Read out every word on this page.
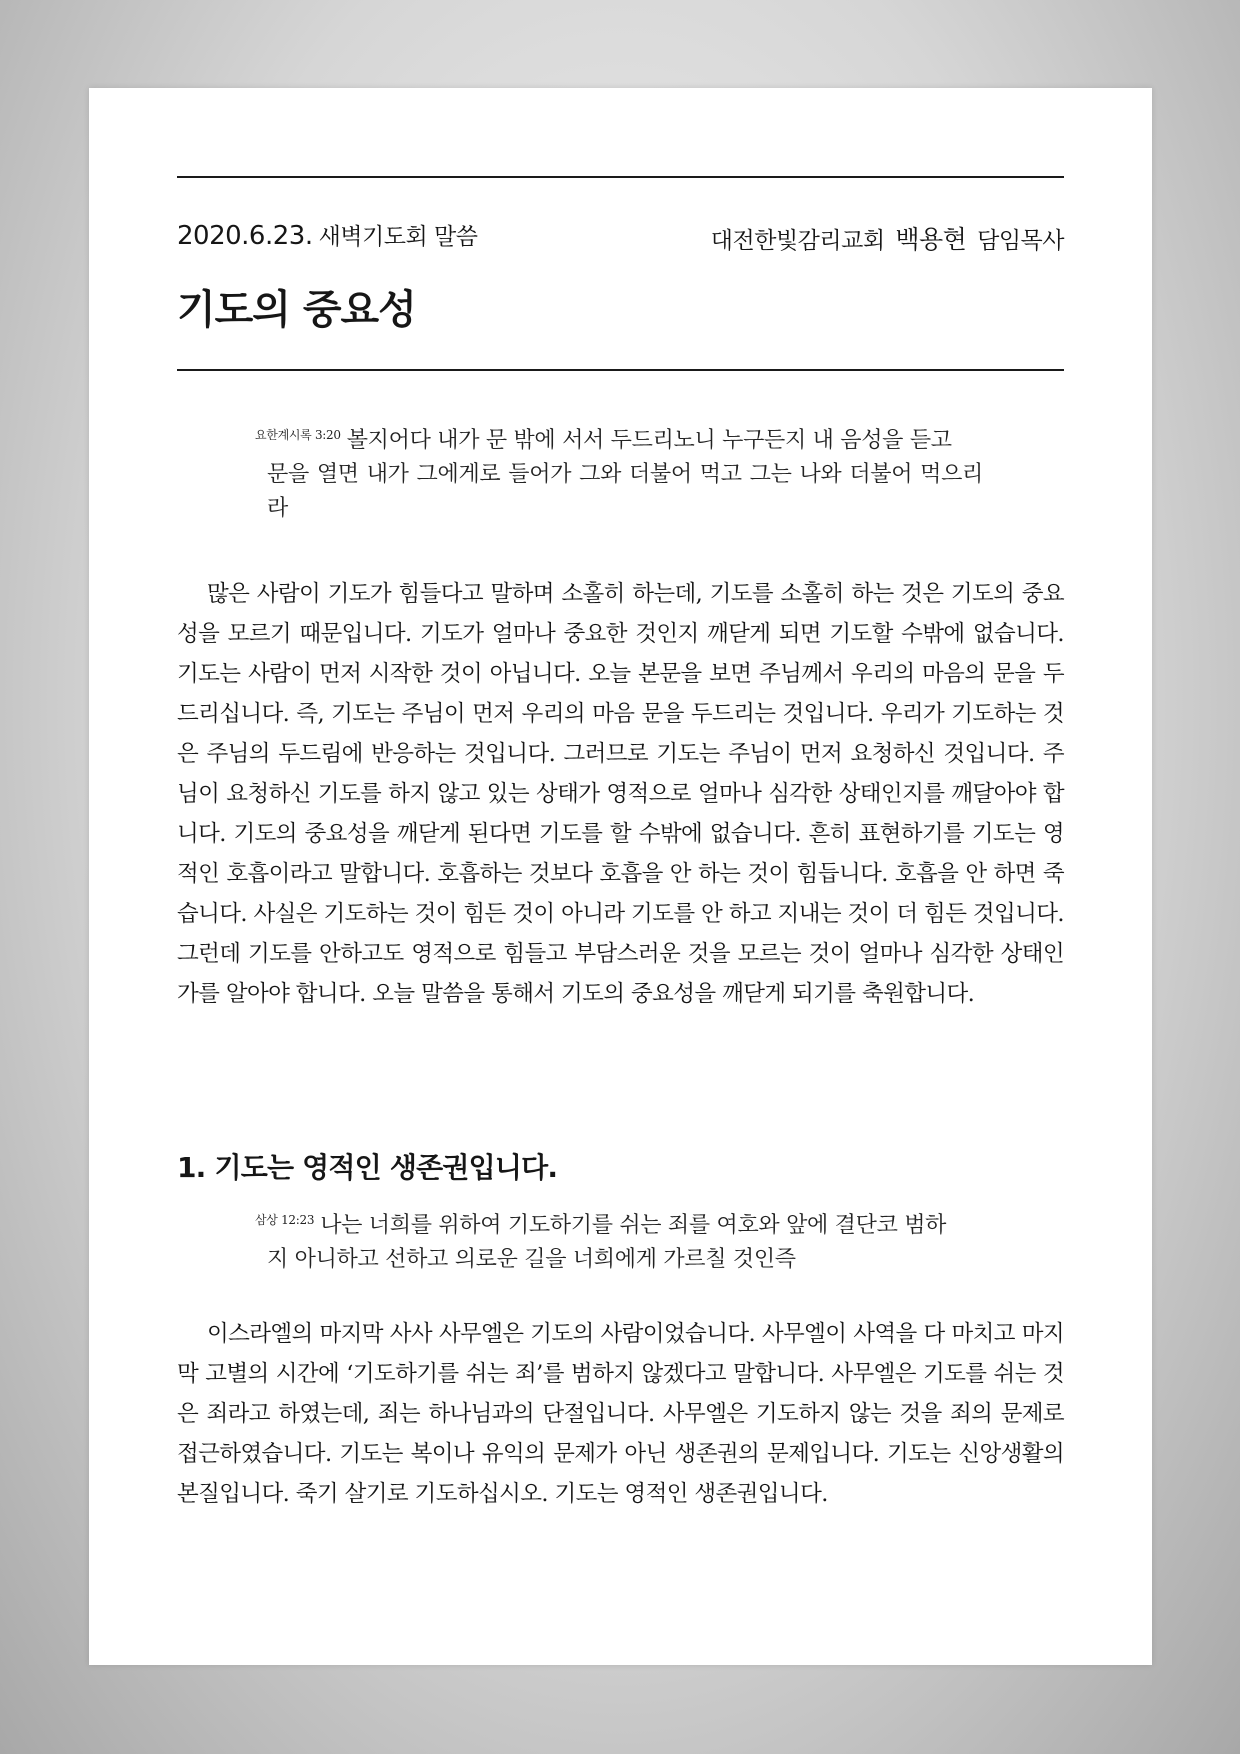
2020.6.23. 새벽기도회 말씀	대전한빛감리교회 백용현 담임목사
기도의 중요성
$^{요한계시록 3:20}$ 볼지어다 내가 문 밖에 서서 두드리노니 누구든지 내 음성을 듣고
문을 열면 내가 그에게로 들어가 그와 더불어 먹고 그는 나와 더불어 먹으리라

많은 사람이 기도가 힘들다고 말하며 소홀히 하는데, 기도를 소홀히 하는 것은 기도의 중요성을 모르기 때문입니다. 기도가 얼마나 중요한 것인지 깨닫게 되면 기도할 수밖에 없습니다. 기도는 사람이 먼저 시작한 것이 아닙니다. 오늘 본문을 보면 주님께서 우리의 마음의 문을 두드리십니다. 즉, 기도는 주님이 먼저 우리의 마음 문을 두드리는 것입니다. 우리가 기도하는 것은 주님의 두드림에 반응하는 것입니다. 그러므로 기도는 주님이 먼저 요청하신 것입니다. 주님이 요청하신 기도를 하지 않고 있는 상태가 영적으로 얼마나 심각한 상태인지를 깨달아야 합니다. 기도의 중요성을 깨닫게 된다면 기도를 할 수밖에 없습니다. 흔히 표현하기를 기도는 영적인 호흡이라고 말합니다. 호흡하는 것보다 호흡을 안 하는 것이 힘듭니다. 호흡을 안 하면 죽습니다. 사실은 기도하는 것이 힘든 것이 아니라 기도를 안 하고 지내는 것이 더 힘든 것입니다. 그런데 기도를 안하고도 영적으로 힘들고 부담스러운 것을 모르는 것이 얼마나 심각한 상태인가를 알아야 합니다. 오늘 말씀을 통해서 기도의 중요성을 깨닫게 되기를 축원합니다.

1. 기도는 영적인 생존권입니다.
$^{삼상 12:23}$ 나는 너희를 위하여 기도하기를 쉬는 죄를 여호와 앞에 결단코 범하
지 아니하고 선하고 의로운 길을 너희에게 가르칠 것인즉

이스라엘의 마지막 사사 사무엘은 기도의 사람이었습니다. 사무엘이 사역을 다 마치고 마지막 고별의 시간에 ‘기도하기를 쉬는 죄’를 범하지 않겠다고 말합니다. 사무엘은 기도를 쉬는 것은 죄라고 하였는데, 죄는 하나님과의 단절입니다. 사무엘은 기도하지 않는 것을 죄의 문제로 접근하였습니다. 기도는 복이나 유익의 문제가 아닌 생존권의 문제입니다. 기도는 신앙생활의 본질입니다. 죽기 살기로 기도하십시오. 기도는 영적인 생존권입니다.
